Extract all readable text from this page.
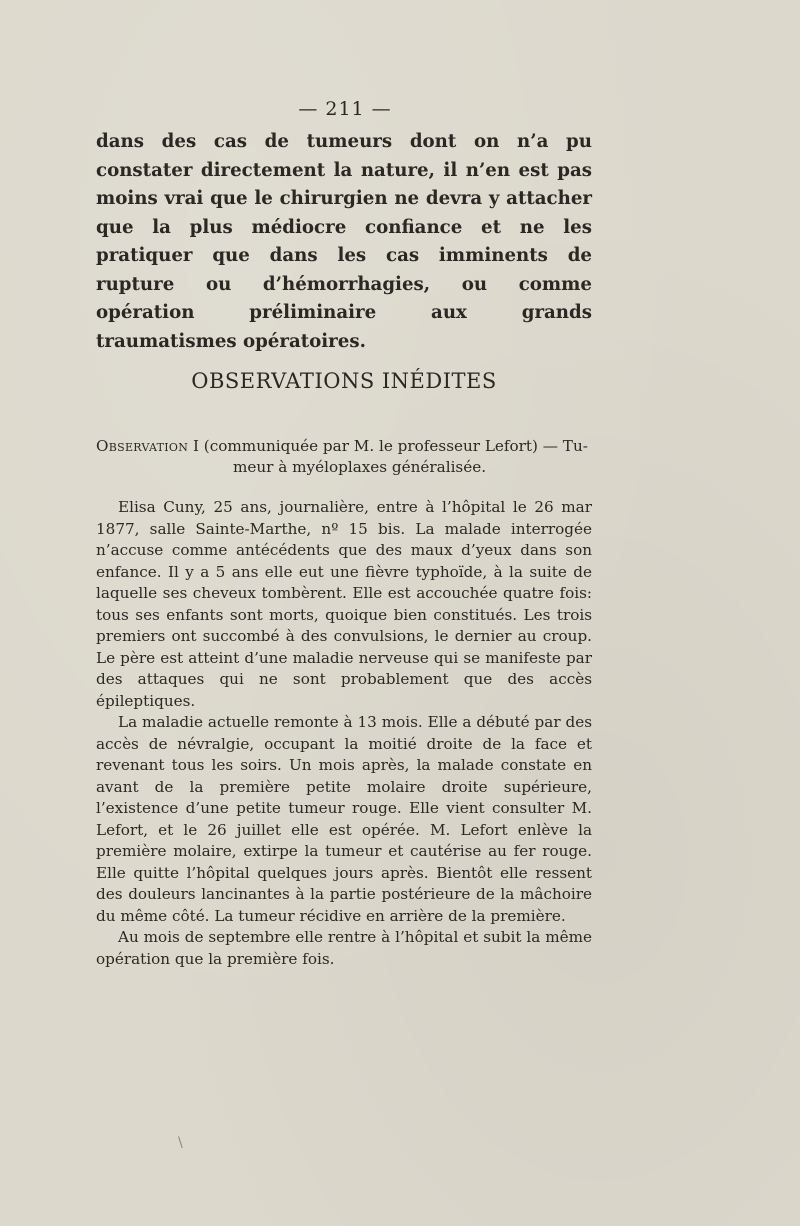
— 211 —

dans des cas de tumeurs dont on n’a pu constater directement la nature, il n’en est pas moins vrai que le chirurgien ne devra y attacher que la plus médiocre confiance et ne les pratiquer que dans les cas imminents de rupture ou d’hémorrhagies, ou comme opération préliminaire aux grands traumatismes opératoires.

OBSERVATIONS INÉDITES
Observation I (communiquée par M. le professeur Lefort) — Tu-
meur à myéloplaxes généralisée.

Elisa Cuny, 25 ans, journalière, entre à l’hôpital le 26 mar 1877, salle Sainte-Marthe, nº 15 bis. La malade interrogée n’accuse comme antécédents que des maux d’yeux dans son enfance. Il y a 5 ans elle eut une fièvre typhoïde, à la suite de laquelle ses cheveux tombèrent. Elle est accouchée quatre fois: tous ses enfants sont morts, quoique bien constitués. Les trois premiers ont succombé à des convulsions, le dernier au croup. Le père est atteint d’une maladie nerveuse qui se manifeste par des attaques qui ne sont probablement que des accès épileptiques.

La maladie actuelle remonte à 13 mois. Elle a débuté par des accès de névralgie, occupant la moitié droite de la face et revenant tous les soirs. Un mois après, la malade constate en avant de la première petite molaire droite supérieure, l’existence d’une petite tumeur rouge. Elle vient consulter M. Lefort, et le 26 juillet elle est opérée. M. Lefort enlève la première molaire, extirpe la tumeur et cautérise au fer rouge. Elle quitte l’hôpital quelques jours après. Bientôt elle ressent des douleurs lancinantes à la partie postérieure de la mâchoire du même côté. La tumeur récidive en arrière de la première.

Au mois de septembre elle rentre à l’hôpital et subit la même opération que la première fois.

\
